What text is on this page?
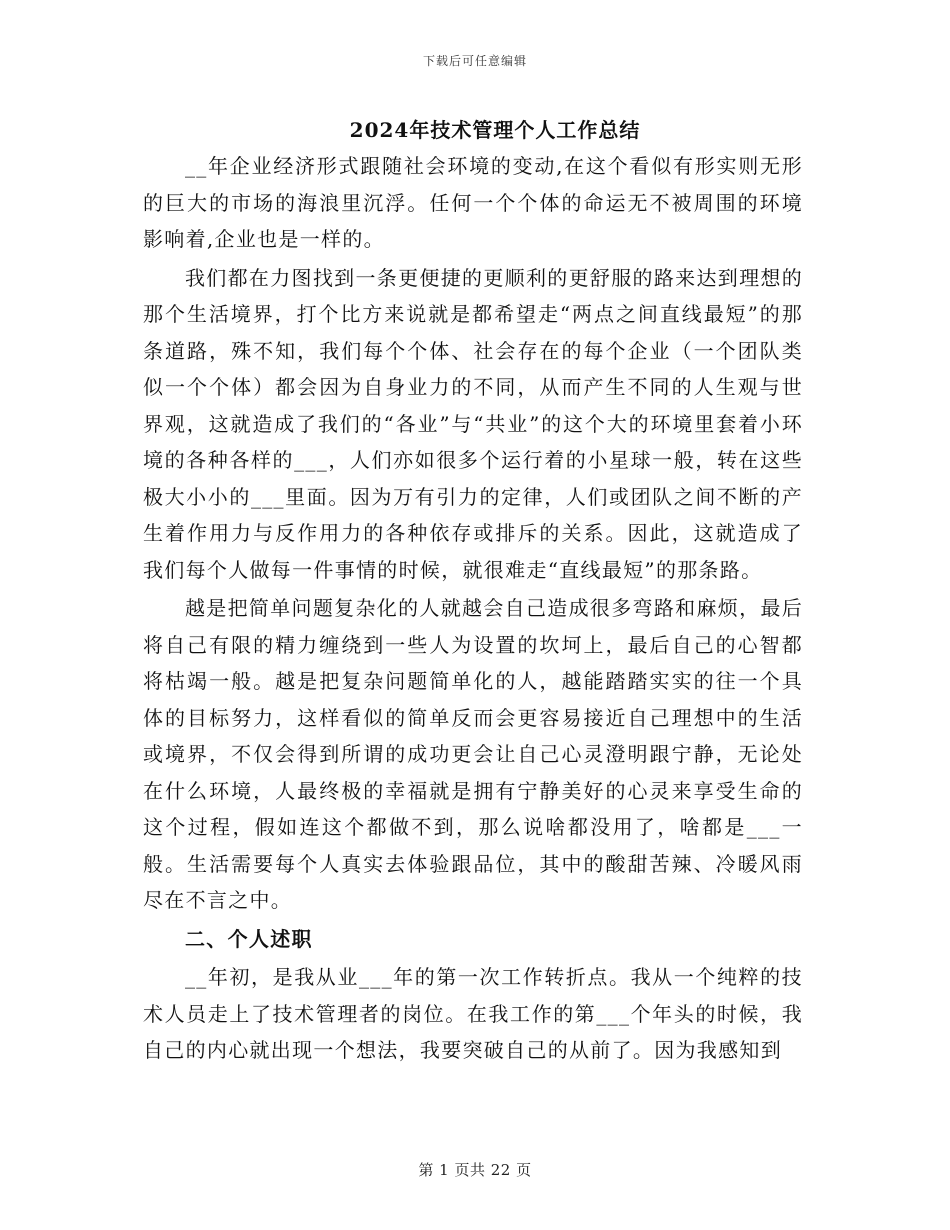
下载后可任意编辑
2024年技术管理个人工作总结

__年企业经济形式跟随社会环境的变动,在这个看似有形实则无形的巨大的市场的海浪里沉浮。任何一个个体的命运无不被周围的环境影响着,企业也是一样的。

我们都在力图找到一条更便捷的更顺利的更舒服的路来达到理想的那个生活境界，打个比方来说就是都希望走“两点之间直线最短”的那条道路，殊不知，我们每个个体、社会存在的每个企业（一个团队类似一个个体）都会因为自身业力的不同，从而产生不同的人生观与世界观，这就造成了我们的“各业”与“共业”的这个大的环境里套着小环境的各种各样的___，人们亦如很多个运行着的小星球一般，转在这些极大小小的___里面。因为万有引力的定律，人们或团队之间不断的产生着作用力与反作用力的各种依存或排斥的关系。因此，这就造成了我们每个人做每一件事情的时候，就很难走“直线最短”的那条路。

越是把简单问题复杂化的人就越会自己造成很多弯路和麻烦，最后将自己有限的精力缠绕到一些人为设置的坎坷上，最后自己的心智都将枯竭一般。越是把复杂问题简单化的人，越能踏踏实实的往一个具体的目标努力，这样看似的简单反而会更容易接近自己理想中的生活或境界，不仅会得到所谓的成功更会让自己心灵澄明跟宁静，无论处在什么环境，人最终极的幸福就是拥有宁静美好的心灵来享受生命的这个过程，假如连这个都做不到，那么说啥都没用了，啥都是___一般。生活需要每个人真实去体验跟品位，其中的酸甜苦辣、冷暖风雨尽在不言之中。

二、个人述职

__年初，是我从业___年的第一次工作转折点。我从一个纯粹的技术人员走上了技术管理者的岗位。在我工作的第___个年头的时候，我自己的内心就出现一个想法，我要突破自己的从前了。因为我感知到

第 1 页共 22 页
